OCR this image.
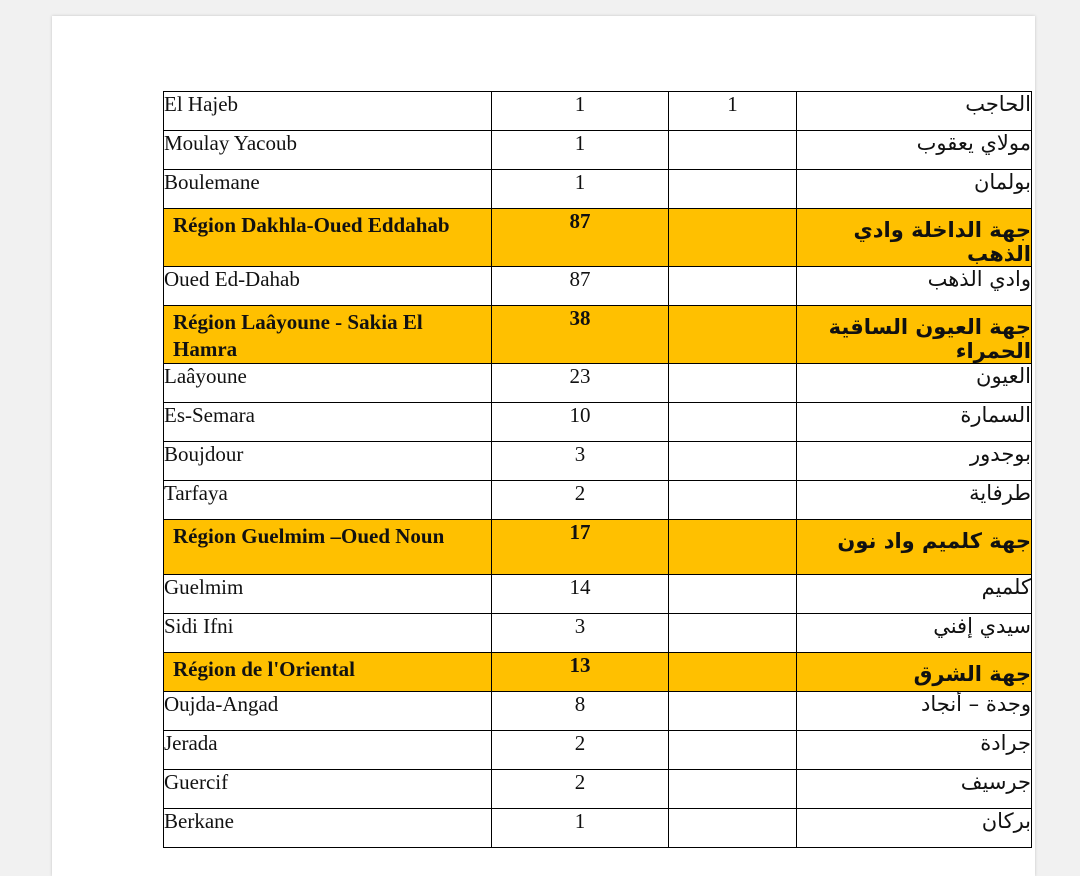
El Hajeb	1	1	الحاجب
Moulay Yacoub	1		مولاي يعقوب
Boulemane	1		بولمان
Région Dakhla-Oued Eddahab	87		جهة الداخلة وادي الذهب
Oued Ed-Dahab	87		وادي الذهب
Région Laâyoune - Sakia El Hamra	38		جهة العيون الساقية الحمراء
Laâyoune	23		العيون
Es-Semara	10		السمارة
Boujdour	3		بوجدور
Tarfaya	2		طرفاية
Région Guelmim –Oued Noun	17		جهة كلميم واد نون
Guelmim	14		كلميم
Sidi Ifni	3		سيدي إفني
Région de l'Oriental	13		جهة الشرق
Oujda-Angad	8		وجدة – أنجاد
Jerada	2		جرادة
Guercif	2		جرسيف
Berkane	1		بركان
